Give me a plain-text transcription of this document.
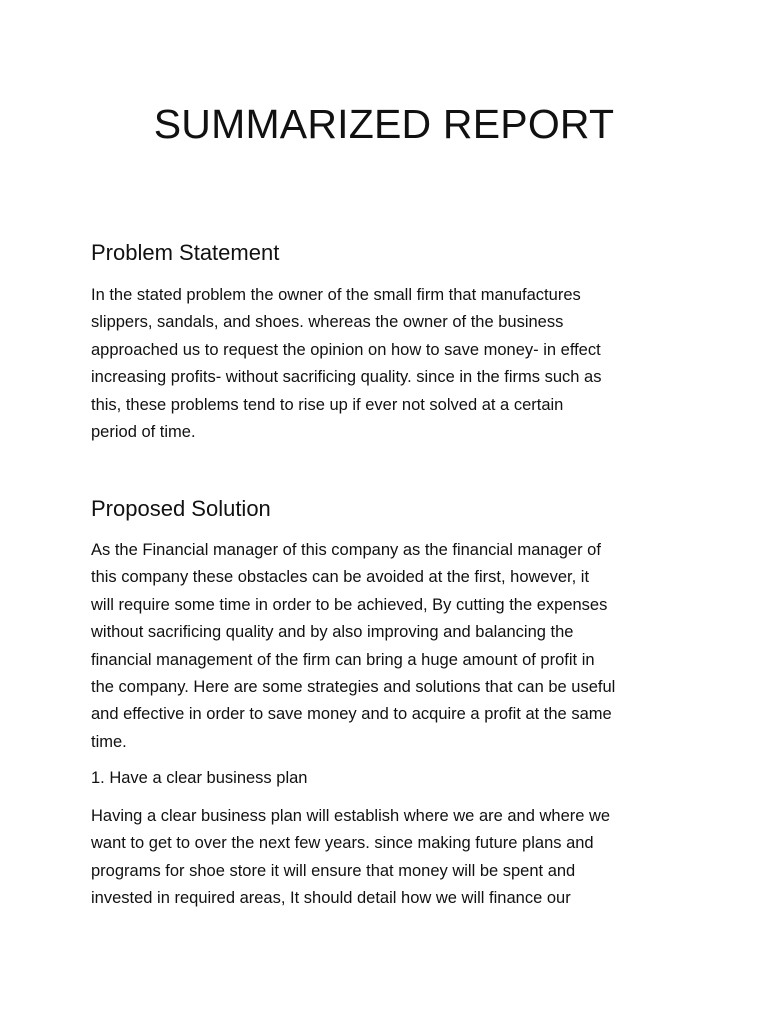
SUMMARIZED REPORT
Problem Statement
In the stated problem the owner of the small firm that manufactures
slippers, sandals, and shoes. whereas the owner of the business
approached us to request the opinion on how to save money- in effect
increasing profits- without sacrificing quality. since in the firms such as
this, these problems tend to rise up if ever not solved at a certain
period of time.
Proposed Solution
As the Financial manager of this company as the financial manager of
this company these obstacles can be avoided at the first, however, it
will require some time in order to be achieved, By cutting the expenses
without sacrificing quality and by also improving and balancing the
financial management of the firm can bring a huge amount of profit in
the company. Here are some strategies and solutions that can be useful
and effective in order to save money and to acquire a profit at the same
time.
1. Have a clear business plan
Having a clear business plan will establish where we are and where we
want to get to over the next few years. since making future plans and
programs for shoe store it will ensure that money will be spent and
invested in required areas, It should detail how we will finance our
